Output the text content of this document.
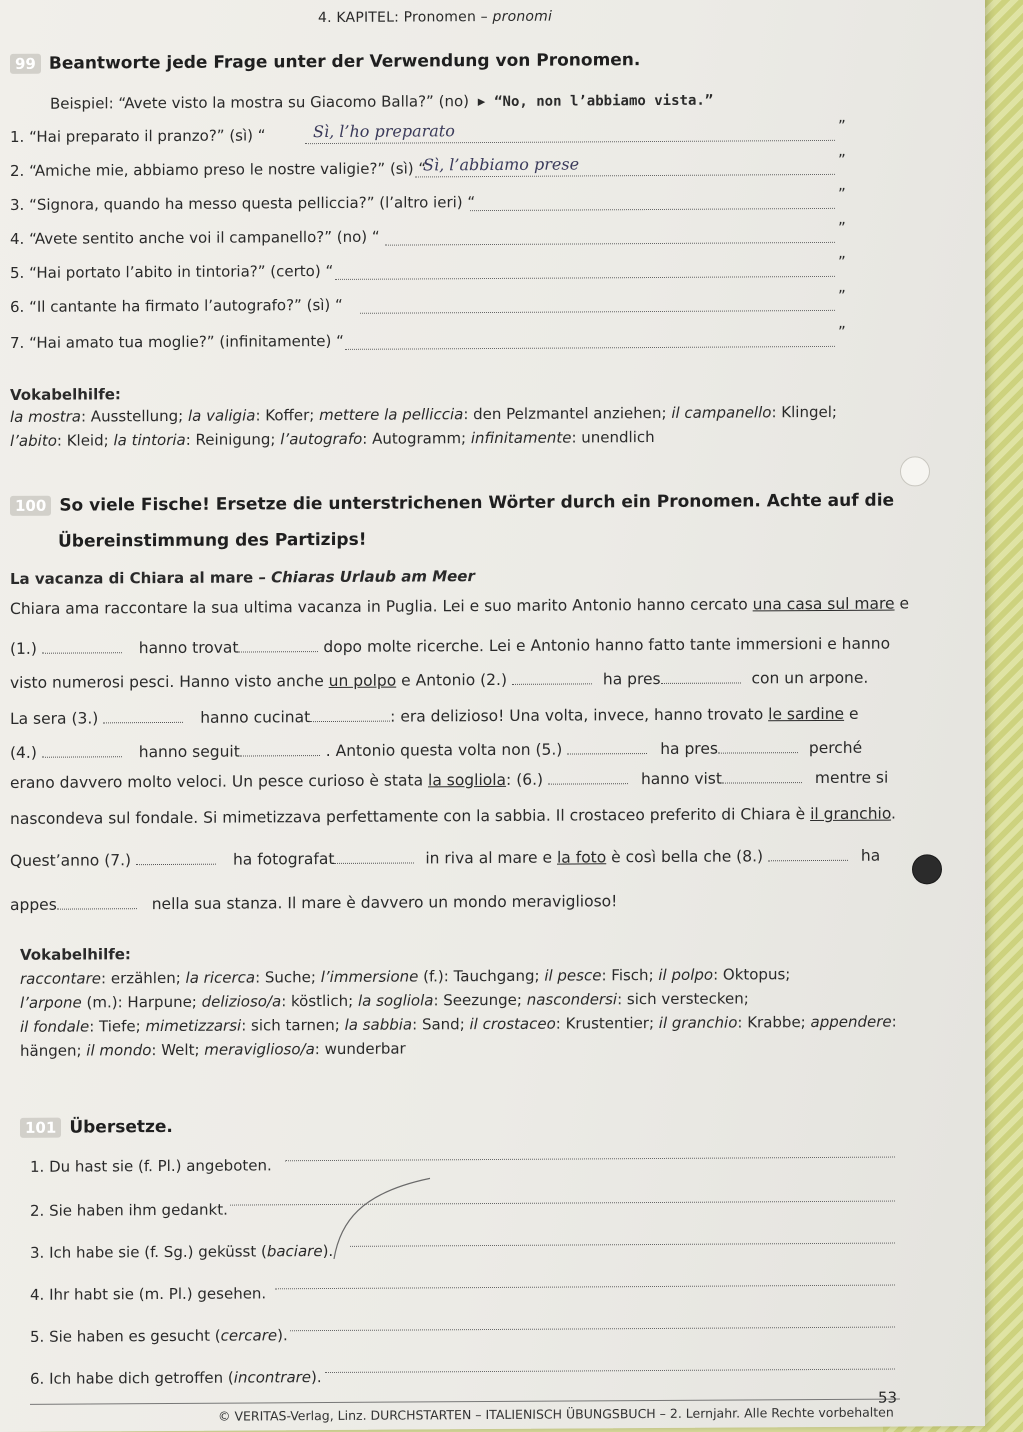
4. KAPITEL: Pronomen – pronomi
99 Beantworte jede Frage unter der Verwendung von Pronomen.
Beispiel: “Avete visto la mostra su Giacomo Balla?” (no) ▸ “No, non l’abbiamo vista.”
1. “Hai preparato il pranzo?” (sì) “	Sì, l’ho preparato	”
2. “Amiche mie, abbiamo preso le nostre valigie?” (sì) “
Sì, l’abbiamo prese	”
3. “Signora, quando ha messo questa pelliccia?” (l’altro ieri) “	”
4. “Avete sentito anche voi il campanello?” (no) “	”
5. “Hai portato l’abito in tintoria?” (certo) “
”
6. “Il cantante ha firmato l’autografo?” (sì) “
”
7. “Hai amato tua moglie?” (infinitamente) “
”
Vokabelhilfe:
la mostra: Ausstellung; la valigia: Koffer; mettere la pelliccia: den Pelzmantel anziehen; il campanello: Klingel;
l’abito: Kleid; la tintoria: Reinigung; l’autografo: Autogramm; infinitamente: unendlich
100 So viele Fische! Ersetze die unterstrichenen Wörter durch ein Pronomen. Achte auf die
Übereinstimmung des Partizips!
La vacanza di Chiara al mare – Chiaras Urlaub am Meer
Chiara ama raccontare la sua ultima vacanza in Puglia. Lei e suo marito Antonio hanno cercato una casa sul mare e
(1.)	hanno trovat	dopo molte ricerche. Lei e Antonio hanno fatto tante immersioni e hanno
visto numerosi pesci. Hanno visto anche un polpo e Antonio (2.)	ha pres	con un arpone.
La sera (3.)	hanno cucinat	: era delizioso! Una volta, invece, hanno trovato le sardine e
(4.)	hanno seguit	. Antonio questa volta non (5.)	ha pres	perché
erano davvero molto veloci. Un pesce curioso è stata la sogliola: (6.)	hanno vist	mentre si
nascondeva sul fondale. Si mimetizzava perfettamente con la sabbia. Il crostaceo preferito di Chiara è il granchio.
Quest’anno (7.)	ha fotografat	in riva al mare e la foto è così bella che (8.)	ha
appes	nella sua stanza. Il mare è davvero un mondo meraviglioso!
Vokabelhilfe:
raccontare: erzählen; la ricerca: Suche; l’immersione (f.): Tauchgang; il pesce: Fisch; il polpo: Oktopus;
l’arpone (m.): Harpune; delizioso/a: köstlich; la sogliola: Seezunge; nascondersi: sich verstecken;
il fondale: Tiefe; mimetizzarsi: sich tarnen; la sabbia: Sand; il crostaceo: Krustentier; il granchio: Krabbe; appendere:
hängen; il mondo: Welt; meraviglioso/a: wunderbar
101 Übersetze.
1. Du hast sie (f. Pl.) angeboten.
2. Sie haben ihm gedankt.
3. Ich habe sie (f. Sg.) geküsst (baciare).
4. Ihr habt sie (m. Pl.) gesehen.
5. Sie haben es gesucht (cercare).
6. Ich habe dich getroffen (incontrare).
© VERITAS-Verlag, Linz. DURCHSTARTEN – ITALIENISCH ÜBUNGSBUCH – 2. Lernjahr. Alle Rechte vorbehalten
53
